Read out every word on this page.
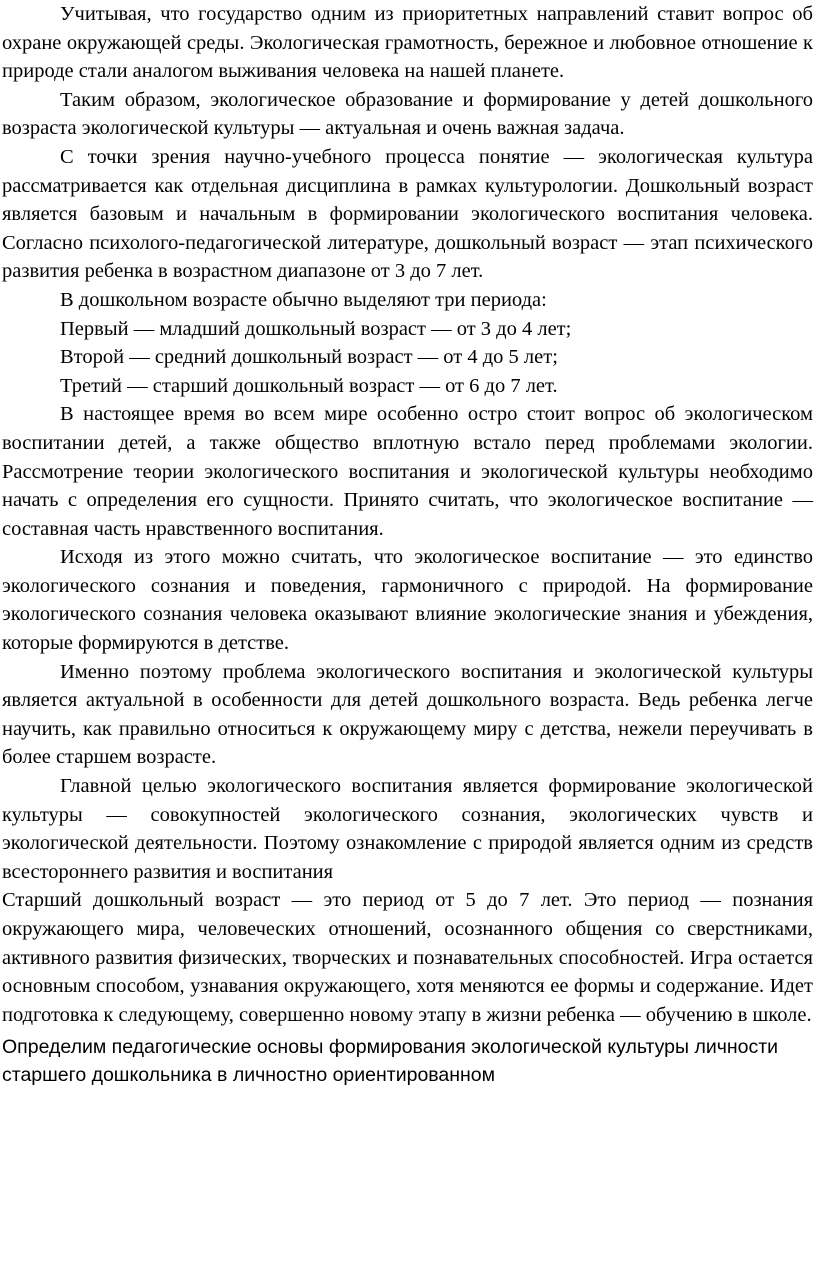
Учитывая, что государство одним из приоритетных направлений ставит вопрос об охране окружающей среды. Экологическая грамотность, бережное и любовное отношение к природе стали аналогом выживания человека на нашей планете.

Таким образом, экологическое образование и формирование у детей дошкольного возраста экологической культуры — актуальная и очень важная задача.

С точки зрения научно-учебного процесса понятие — экологическая культура рассматривается как отдельная дисциплина в рамках культурологии. Дошкольный возраст является базовым и начальным в формировании экологического воспитания человека. Согласно психолого-педагогической литературе, дошкольный возраст — этап психического развития ребенка в возрастном диапазоне от 3 до 7 лет.

В дошкольном возрасте обычно выделяют три периода:

Первый — младший дошкольный возраст — от 3 до 4 лет;

Второй — средний дошкольный возраст — от 4 до 5 лет;

Третий — старший дошкольный возраст — от 6 до 7 лет.

В настоящее время во всем мире особенно остро стоит вопрос об экологическом воспитании детей, а также общество вплотную встало перед проблемами экологии. Рассмотрение теории экологического воспитания и экологической культуры необходимо начать с определения его сущности. Принято считать, что экологическое воспитание — составная часть нравственного воспитания.

Исходя из этого можно считать, что экологическое воспитание — это единство экологического сознания и поведения, гармоничного с природой. На формирование экологического сознания человека оказывают влияние экологические знания и убеждения, которые формируются в детстве.

Именно поэтому проблема экологического воспитания и экологической культуры является актуальной в особенности для детей дошкольного возраста. Ведь ребенка легче научить, как правильно относиться к окружающему миру с детства, нежели переучивать в более старшем возрасте.

Главной целью экологического воспитания является формирование экологической культуры — совокупностей экологического сознания, экологических чувств и экологической деятельности. Поэтому ознакомление с природой является одним из средств всестороннего развития и воспитания

Старший дошкольный возраст — это период от 5 до 7 лет. Это период — познания окружающего мира, человеческих отношений, осознанного общения со сверстниками, активного развития физических, творческих и познавательных способностей. Игра остается основным способом, узнавания окружающего, хотя меняются ее формы и содержание. Идет подготовка к следующему, совершенно новому этапу в жизни ребенка — обучению в школе.

Определим педагогические основы формирования экологической культуры личности старшего дошкольника в личностно ориентированном
